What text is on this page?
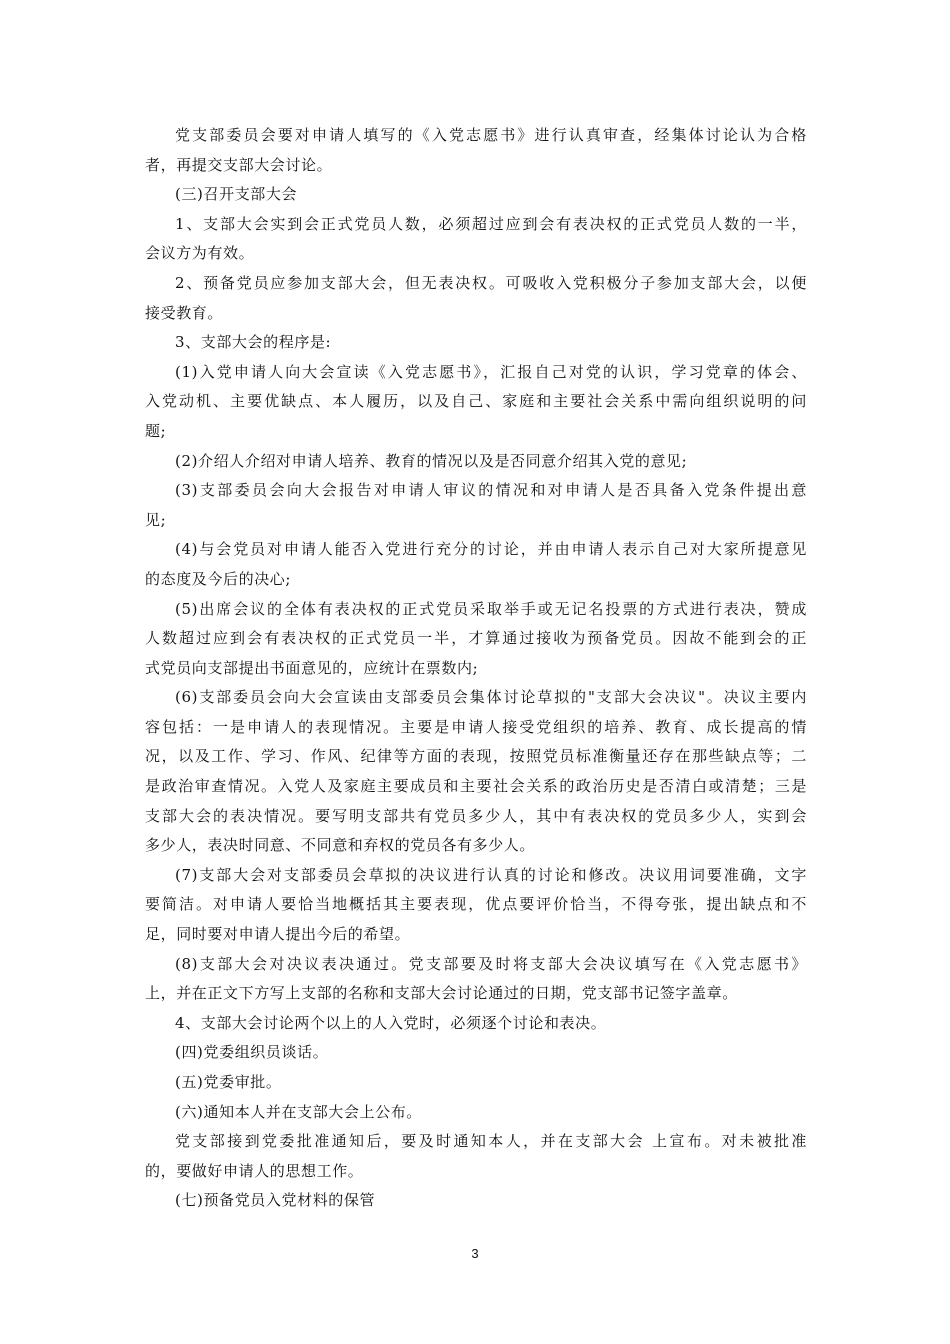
党支部委员会要对申请人填写的《入党志愿书》进行认真审查，经集体讨论认为合格
者，再提交支部大会讨论。
(三)召开支部大会
1、支部大会实到会正式党员人数，必须超过应到会有表决权的正式党员人数的一半，
会议方为有效。
2、预备党员应参加支部大会，但无表决权。可吸收入党积极分子参加支部大会，以便
接受教育。
3、支部大会的程序是:
(1)入党申请人向大会宣读《入党志愿书》，汇报自己对党的认识，学习党章的体会、
入党动机、主要优缺点、本人履历，以及自己、家庭和主要社会关系中需向组织说明的问
题;
(2)介绍人介绍对申请人培养、教育的情况以及是否同意介绍其入党的意见;
(3)支部委员会向大会报告对申请人审议的情况和对申请人是否具备入党条件提出意
见;
(4)与会党员对申请人能否入党进行充分的讨论，并由申请人表示自己对大家所提意见
的态度及今后的决心;
(5)出席会议的全体有表决权的正式党员采取举手或无记名投票的方式进行表决，赞成
人数超过应到会有表决权的正式党员一半，才算通过接收为预备党员。因故不能到会的正
式党员向支部提出书面意见的，应统计在票数内;
(6)支部委员会向大会宣读由支部委员会集体讨论草拟的"支部大会决议"。决议主要内
容包括：一是申请人的表现情况。主要是申请人接受党组织的培养、教育、成长提高的情
况，以及工作、学习、作风、纪律等方面的表现，按照党员标准衡量还存在那些缺点等；二
是政治审查情况。入党人及家庭主要成员和主要社会关系的政治历史是否清白或清楚；三是
支部大会的表决情况。要写明支部共有党员多少人，其中有表决权的党员多少人，实到会
多少人，表决时同意、不同意和弃权的党员各有多少人。
(7)支部大会对支部委员会草拟的决议进行认真的讨论和修改。决议用词要准确，文字
要简洁。对申请人要恰当地概括其主要表现，优点要评价恰当，不得夸张，提出缺点和不
足，同时要对申请人提出今后的希望。
(8)支部大会对决议表决通过。党支部要及时将支部大会决议填写在《入党志愿书》
上，并在正文下方写上支部的名称和支部大会讨论通过的日期，党支部书记签字盖章。
4、支部大会讨论两个以上的人入党时，必须逐个讨论和表决。
(四)党委组织员谈话。
(五)党委审批。
(六)通知本人并在支部大会上公布。
党支部接到党委批准通知后，要及时通知本人，并在支部大会 上宣布。对未被批准
的，要做好申请人的思想工作。
(七)预备党员入党材料的保管
3
